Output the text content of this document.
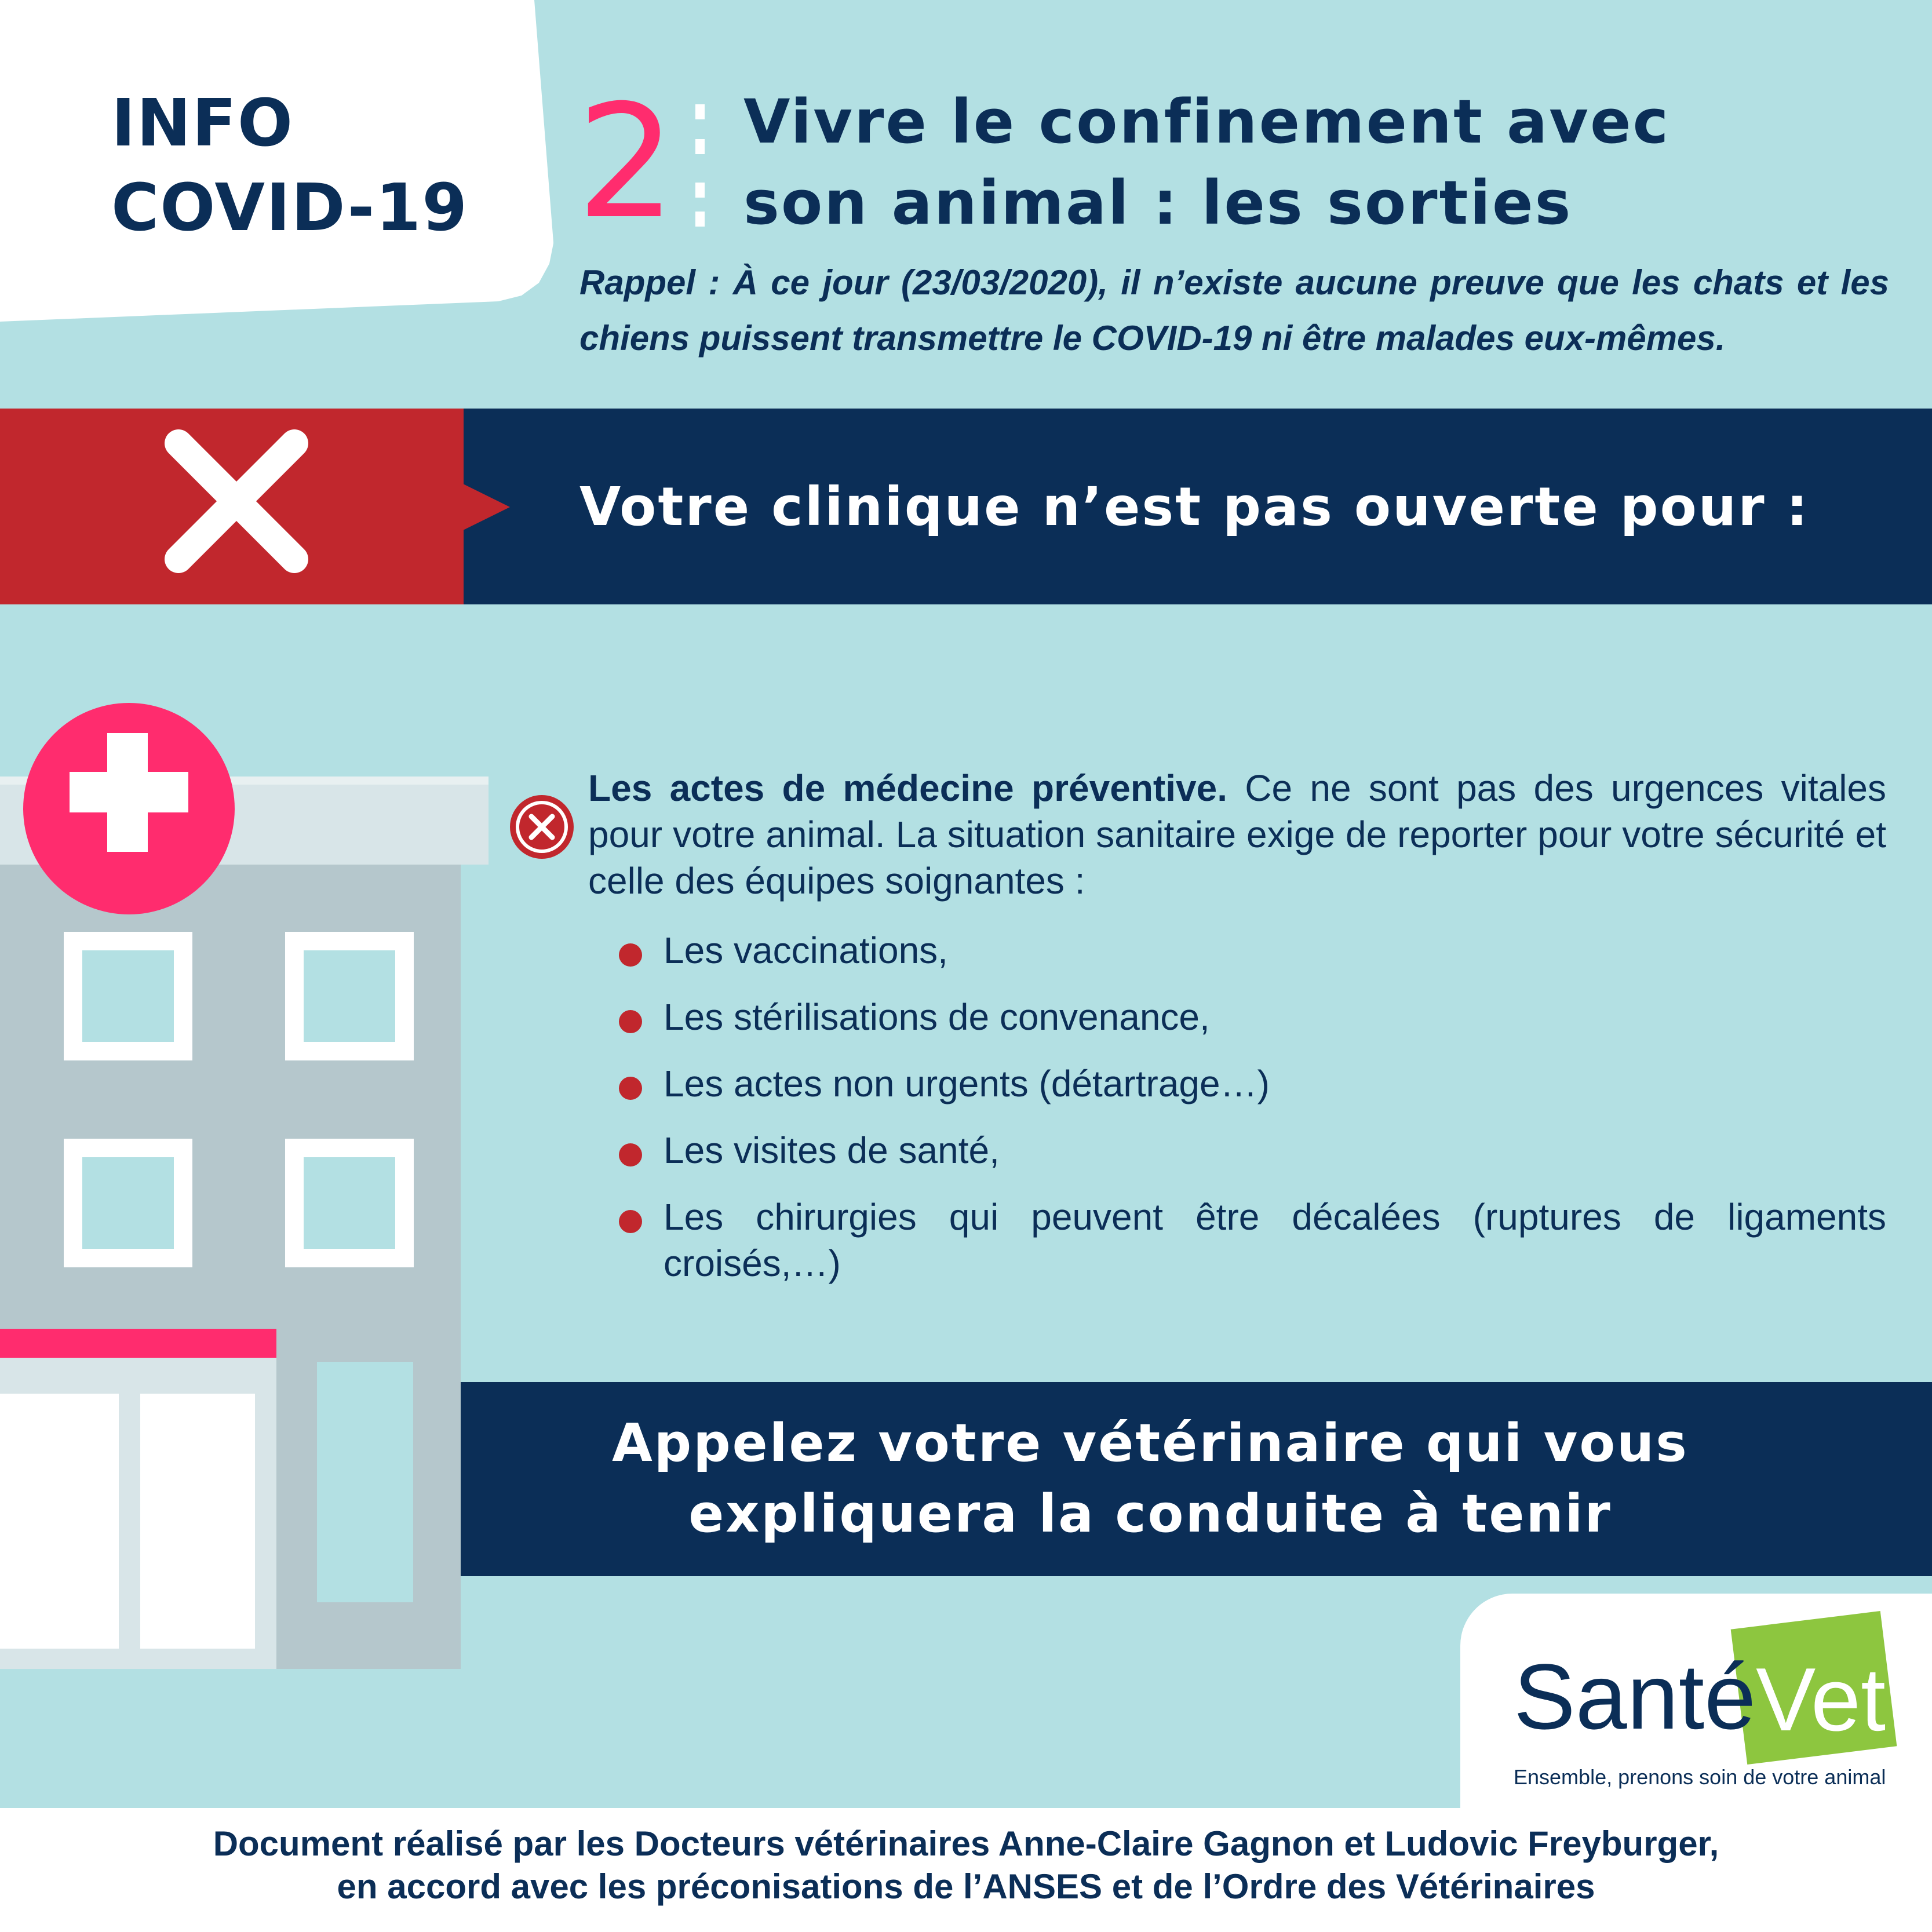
INFO
COVID-19 2 Vivre le confinement avec son animal : les sorties
Rappel : À ce jour (23/03/2020), il n’existe aucune preuve que les chats et les chiens puissent transmettre le COVID-19 ni être malades eux-mêmes.
Votre clinique n’est pas ouverte pour :
Les actes de médecine préventive. Ce ne sont pas des urgences vitales pour votre animal. La situation sanitaire exige de reporter pour votre sécurité et celle des équipes soignantes :
Les vaccinations,
Les stérilisations de convenance,
Les actes non urgents (détartrage…)
Les visites de santé,
Les chirurgies qui peuvent être décalées (ruptures de ligaments croisés,…)
Appelez votre vétérinaire qui vous
expliquera la conduite à tenir
Santé Vet
Ensemble, prenons soin de votre animal
Document réalisé par les Docteurs vétérinaires Anne-Claire Gagnon et Ludovic Freyburger,
en accord avec les préconisations de l’ANSES et de l’Ordre des Vétérinaires
